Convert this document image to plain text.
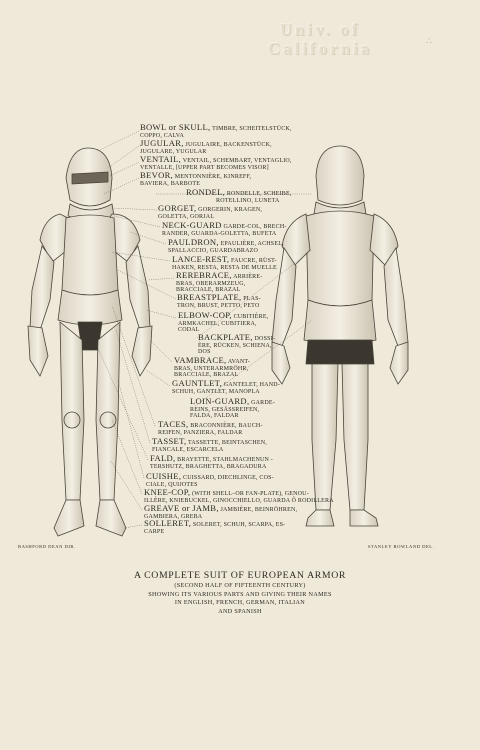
Univ. of
California	∴
BOWL or SKULL, TIMBRE, SCHEITELSTÜCK,
COPPO, CALVA
JUGULAR, JUGULAIRE, BACKENSTÜCK,
JUGULARE, YUGULAR
VENTAIL, VENTAIL, SCHEMBART, VENTAGLIO,
VENTALLE, [UPPER PART BECOMES VISOR]
BEVOR, MENTONNIÈRE, KINREFF,
BAVIERA, BARBOTE
RONDEL, RONDELLE, SCHEIBE,
ROTELLINO, LUNETA
GORGET, GORGERIN, KRAGEN,
GOLETTA, GORJAL
NECK-GUARD GARDE-COL, BRECH-
RANDER, GUARDA-GOLETTA, BUFETA
PAULDRON, EPAULIÈRE, ACHSEL,
SPALLACCIO, GUARDABRAZO
LANCE-REST, FAUCRE, RÜST-
HAKEN, RESTA, RESTA DE MUELLE
REREBRACE, ARRIÈRE-
BRAS, OBERARMZEUG,
BRACCIALE, BRAZAL
BREASTPLATE, PLAS-
TRON, BRUST, PETTO, PETO
ELBOW-COP, CUBITIÈRE,
ARMKACHEL, CUBITIERA,
CODAL
BACKPLATE, DOSSI-
ÈRE, RÜCKEN, SCHIENA,
DOS
VAMBRACE, AVANT-
BRAS, UNTERARMRÖHR,
BRACCIALE, BRAZAL
GAUNTLET, GANTELET, HAND-
SCHUH, GANTLET, MANOPLA
LOIN-GUARD, GARDE-
REINS, GESÄSSREIFEN,
FALDA, FALDAR
TACES, BRACONNIÈRE, BAUCH-
REIFEN, PANZIERA, FALDAR
TASSET, TASSETTE, BEINTASCHEN,
FIANCALE, ESCARCELA
FALD, BRAYETTE, STAHLMACHENUN -
TERSHUTZ, BRAGHETTA, BRAGADURA
CUISHE, CUISSARD, DIECHLINGE, COS-
CIALE, QUIJOTES
KNEE-COP, (WITH SHELL–OR FAN-PLATE), GENOU-
ILLÈRE, KNIEBUCKEL, GINOCCHIELLO, GUARDA Ô RODILLERA
GREAVE or JAMB, JAMBIÈRE, BEINRÖHREN,
GAMBIERA, GREBA
SOLLERET, SOLERET, SCHUH, SCARPA, ES-
CARPE
BASHFORD DEAN DIR.	STANLEY ROWLAND DEL.
A COMPLETE SUIT OF EUROPEAN ARMOR
(SECOND HALF OF FIFTEENTH CENTURY)
SHOWING ITS VARIOUS PARTS AND GIVING THEIR NAMES
IN ENGLISH, FRENCH, GERMAN, ITALIAN
AND SPANISH
